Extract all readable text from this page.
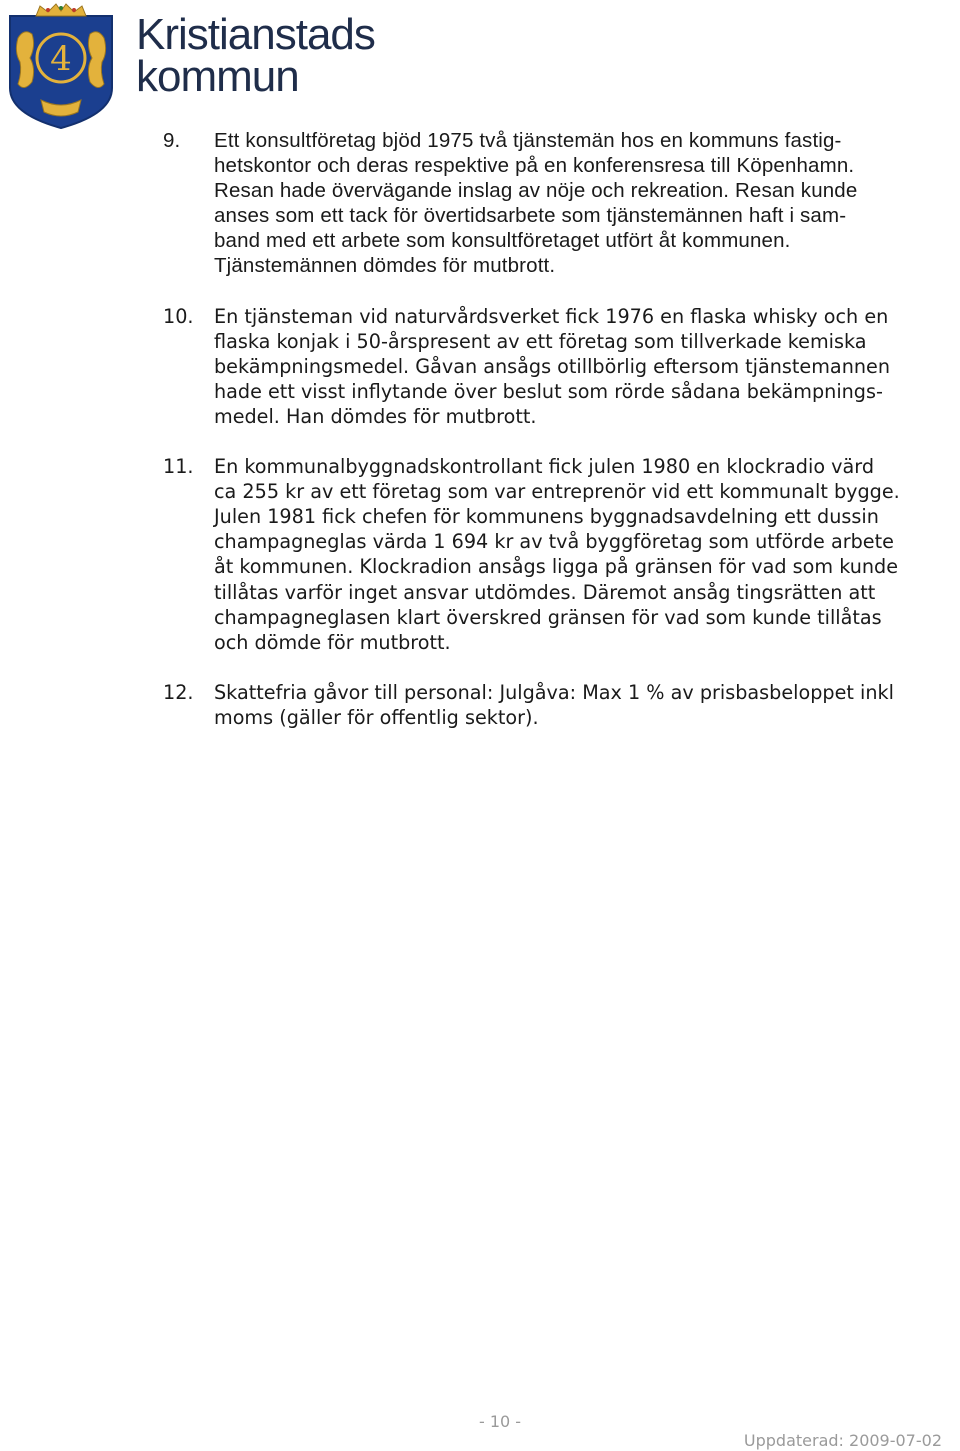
4 Kristianstads
kommun
9. Ett konsultföretag bjöd 1975 två tjänstemän hos en kommuns fastig-
hetskontor och deras respektive på en konferensresa till Köpenhamn.
Resan hade övervägande inslag av nöje och rekreation. Resan kunde
anses som ett tack för övertidsarbete som tjänstemännen haft i sam-
band med ett arbete som konsultföretaget utfört åt kommunen.
Tjänstemännen dömdes för mutbrott.
10. En tjänsteman vid naturvårdsverket fick 1976 en flaska whisky och en
flaska konjak i 50-årspresent av ett företag som tillverkade kemiska
bekämpningsmedel. Gåvan ansågs otillbörlig eftersom tjänstemannen
hade ett visst inflytande över beslut som rörde sådana bekämpnings-
medel. Han dömdes för mutbrott.
11. En kommunalbyggnadskontrollant fick julen 1980 en klockradio värd
ca 255 kr av ett företag som var entreprenör vid ett kommunalt bygge.
Julen 1981 fick chefen för kommunens byggnadsavdelning ett dussin
champagneglas värda 1 694 kr av två byggföretag som utförde arbete
åt kommunen. Klockradion ansågs ligga på gränsen för vad som kunde
tillåtas varför inget ansvar utdömdes. Däremot ansåg tingsrätten att
champagneglasen klart överskred gränsen för vad som kunde tillåtas
och dömde för mutbrott.
12. Skattefria gåvor till personal: Julgåva: Max 1 % av prisbasbeloppet inkl
moms (gäller för offentlig sektor).
- 10 -
Uppdaterad: 2009-07-02
